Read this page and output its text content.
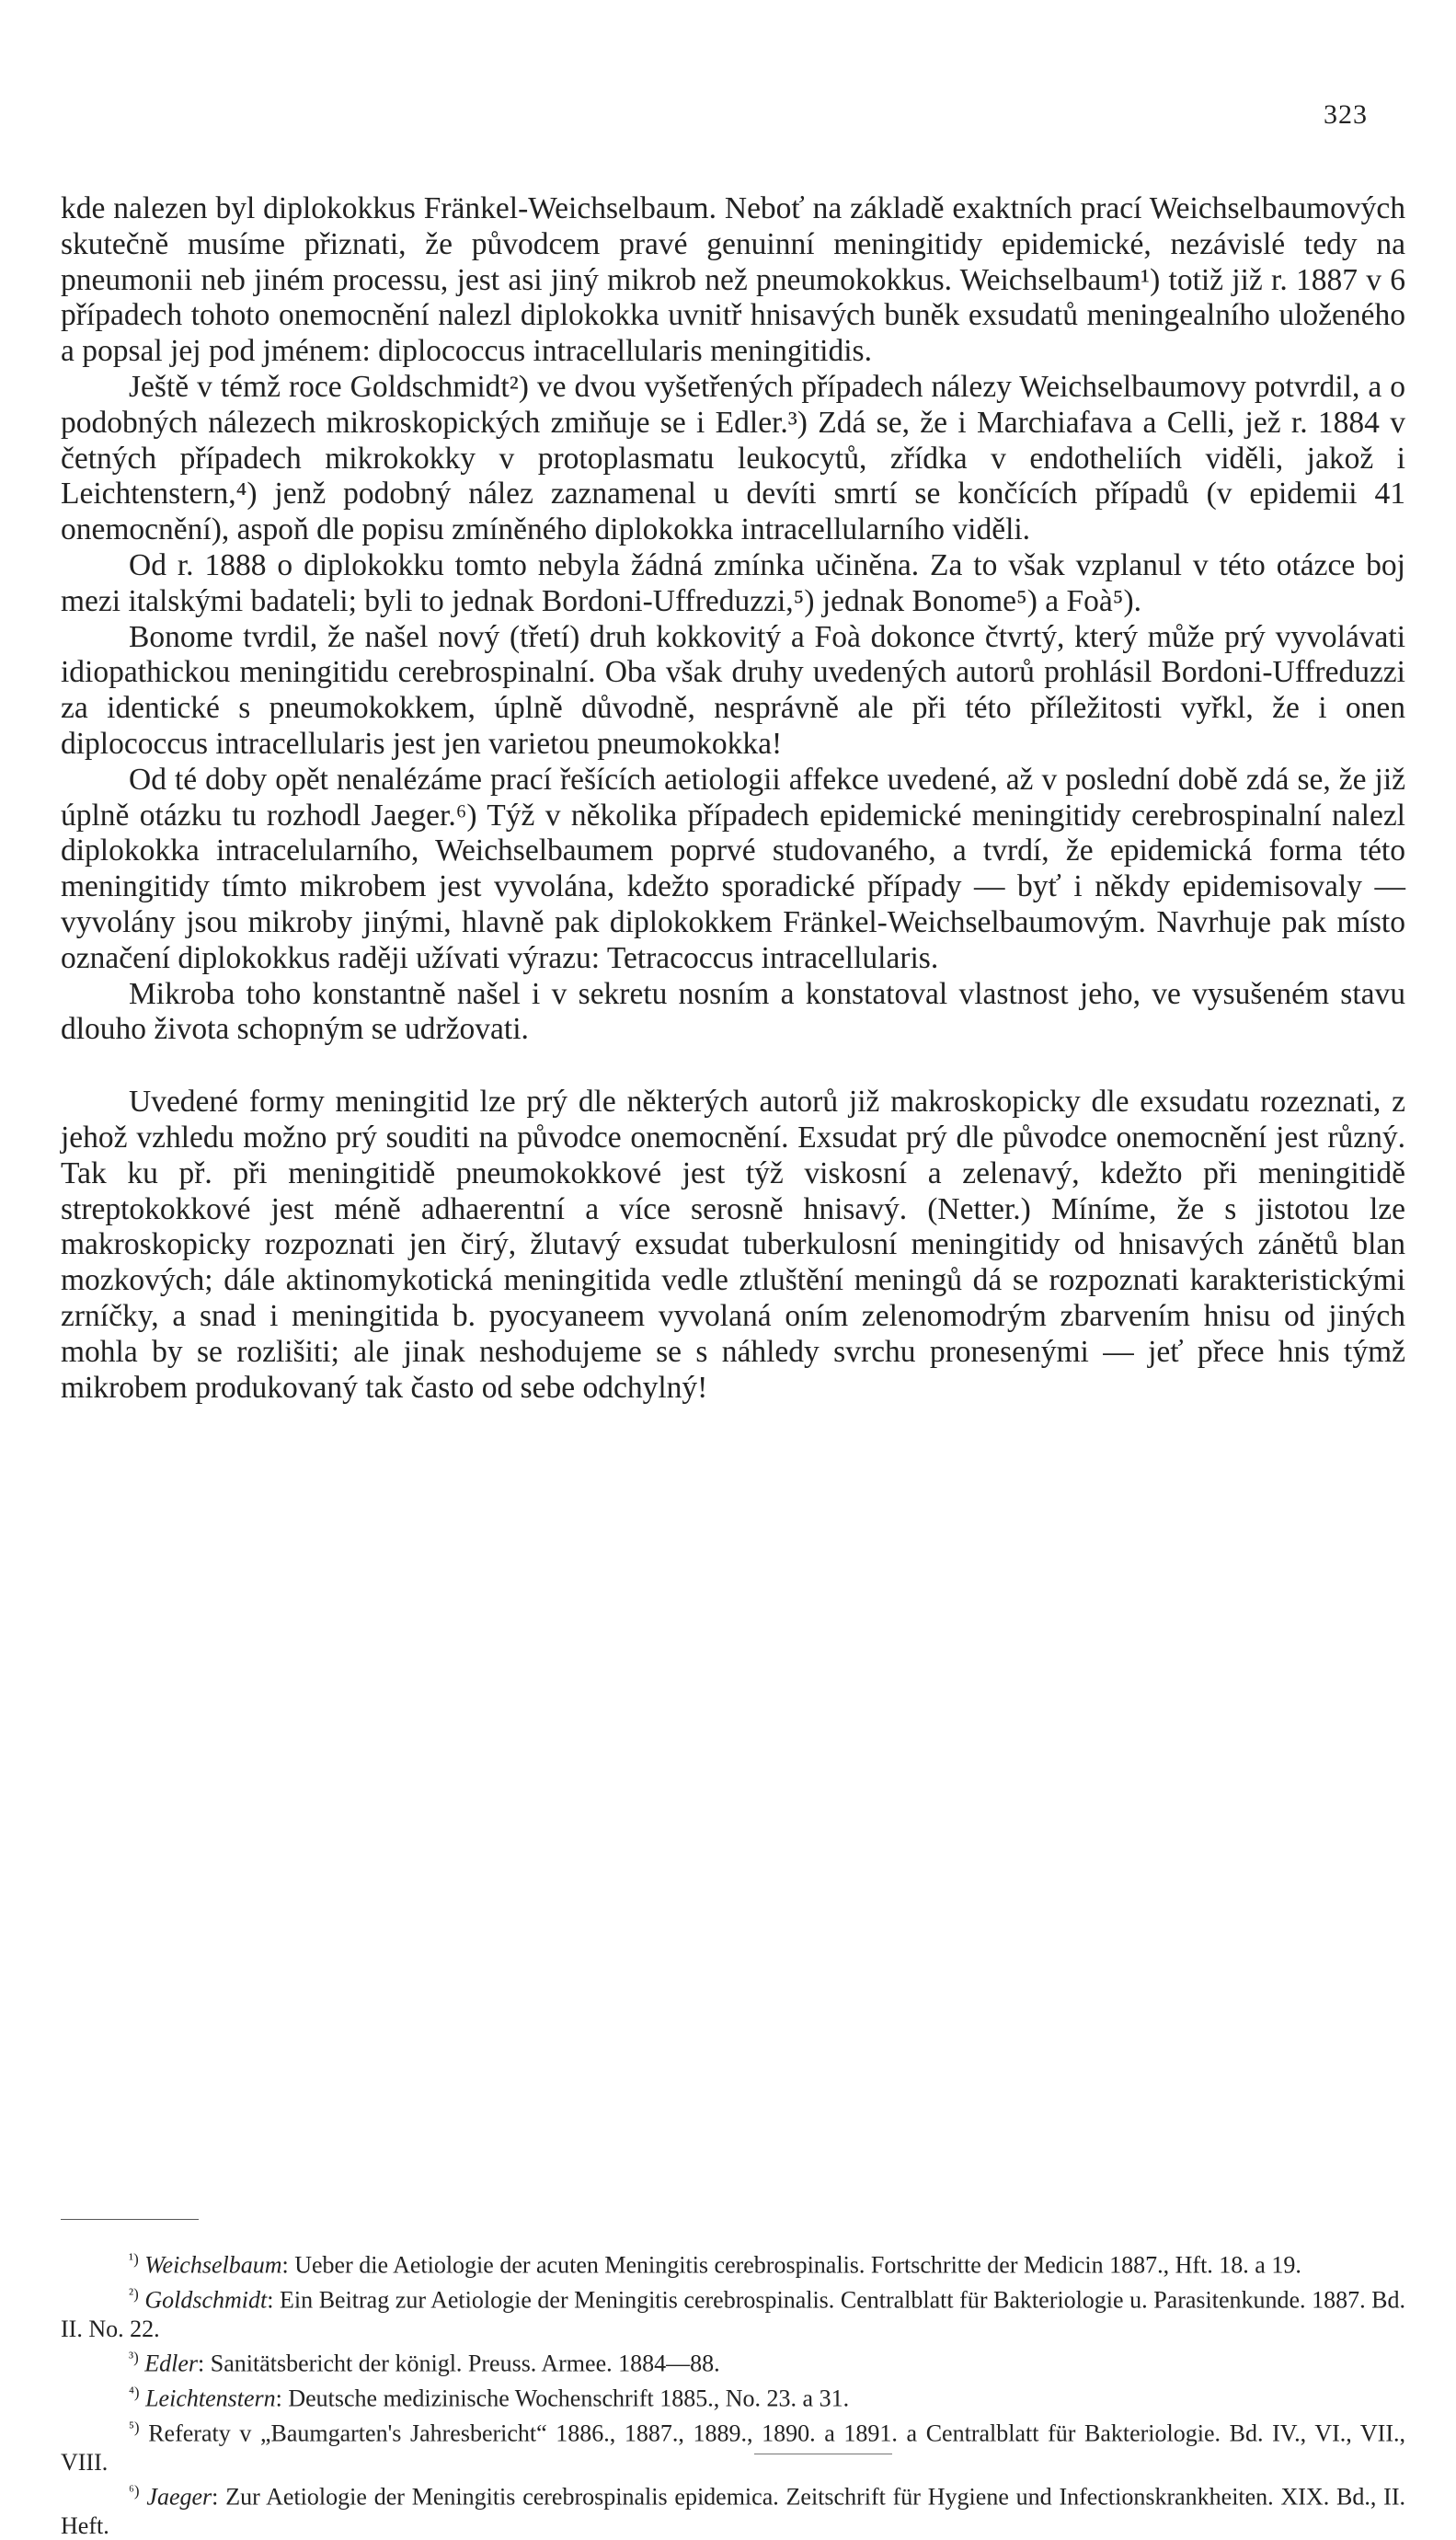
323

kde nalezen byl diplokokkus Fränkel-Weichselbaum. Neboť na základě exaktních prací Weichselbaumových skutečně musíme přiznati, že původcem pravé genuinní meningitidy epidemické, nezávislé tedy na pneumonii neb jiném processu, jest asi jiný mikrob než pneumokokkus. Weichselbaum¹) totiž již r. 1887 v 6 případech tohoto onemocnění nalezl diplokokka uvnitř hnisavých buněk exsudatů meningealního uloženého a popsal jej pod jménem: diplococcus intracellularis meningitidis.

Ještě v témž roce Goldschmidt²) ve dvou vyšetřených případech nálezy Weichselbaumovy potvrdil, a o podobných nálezech mikroskopických zmiňuje se i Edler.³) Zdá se, že i Marchiafava a Celli, jež r. 1884 v četných případech mikrokokky v protoplasmatu leukocytů, zřídka v endotheliích viděli, jakož i Leichtenstern,⁴) jenž podobný nález zaznamenal u devíti smrtí se končících případů (v epidemii 41 onemocnění), aspoň dle popisu zmíněného diplokokka intracellularního viděli.

Od r. 1888 o diplokokku tomto nebyla žádná zmínka učiněna. Za to však vzplanul v této otázce boj mezi italskými badateli; byli to jednak Bordoni-Uffreduzzi,⁵) jednak Bonome⁵) a Foà⁵).

Bonome tvrdil, že našel nový (třetí) druh kokkovitý a Foà dokonce čtvrtý, který může prý vyvolávati idiopathickou meningitidu cerebrospinalní. Oba však druhy uvedených autorů prohlásil Bordoni-Uffreduzzi za identické s pneumokokkem, úplně důvodně, nesprávně ale při této příležitosti vyřkl, že i onen diplococcus intracellularis jest jen varietou pneumokokka!

Od té doby opět nenalézáme prací řešících aetiologii affekce uvedené, až v poslední době zdá se, že již úplně otázku tu rozhodl Jaeger.⁶) Týž v několika případech epidemické meningitidy cerebrospinalní nalezl diplokokka intracelularního, Weichselbaumem poprvé studovaného, a tvrdí, že epidemická forma této meningitidy tímto mikrobem jest vyvolána, kdežto sporadické případy — byť i někdy epidemisovaly — vyvolány jsou mikroby jinými, hlavně pak diplokokkem Fränkel-Weichselbaumovým. Navrhuje pak místo označení diplokokkus raději užívati výrazu: Tetracoccus intracellularis.

Mikroba toho konstantně našel i v sekretu nosním a konstatoval vlastnost jeho, ve vysušeném stavu dlouho života schopným se udržovati.

Uvedené formy meningitid lze prý dle některých autorů již makroskopicky dle exsudatu rozeznati, z jehož vzhledu možno prý souditi na původce onemocnění. Exsudat prý dle původce onemocnění jest různý. Tak ku př. při meningitidě pneumokokkové jest týž viskosní a zelenavý, kdežto při meningitidě streptokokkové jest méně adhaerentní a více serosně hnisavý. (Netter.) Míníme, že s jistotou lze makroskopicky rozpoznati jen čirý, žlutavý exsudat tuberkulosní meningitidy od hnisavých zánětů blan mozkových; dále aktinomykotická meningitida vedle ztluštění meningů dá se rozpoznati karakteristickými zrníčky, a snad i meningitida b. pyocyaneem vyvolaná oním zelenomodrým zbarvením hnisu od jiných mohla by se rozlišiti; ale jinak neshodujeme se s náhledy svrchu pronesenými — jeť přece hnis týmž mikrobem produkovaný tak často od sebe odchylný!

$^{^1)}$ Weichselbaum: Ueber die Aetiologie der acuten Meningitis cerebrospinalis. Fortschritte der Medicin 1887., Hft. 18. a 19.

$^{^2)}$ Goldschmidt: Ein Beitrag zur Aetiologie der Meningitis cerebrospinalis. Centralblatt für Bakteriologie u. Parasitenkunde. 1887. Bd. II. No. 22.

$^{^3)}$ Edler: Sanitätsbericht der königl. Preuss. Armee. 1884—88.

$^{^4)}$ Leichtenstern: Deutsche medizinische Wochenschrift 1885., No. 23. a 31.

$^{^5)}$ Referaty v „Baumgarten's Jahresbericht“ 1886., 1887., 1889., 1890. a 1891. a Centralblatt für Bakteriologie. Bd. IV., VI., VII., VIII.

$^{^6)}$ Jaeger: Zur Aetiologie der Meningitis cerebrospinalis epidemica. Zeitschrift für Hygiene und Infectionskrankheiten. XIX. Bd., II. Heft.
